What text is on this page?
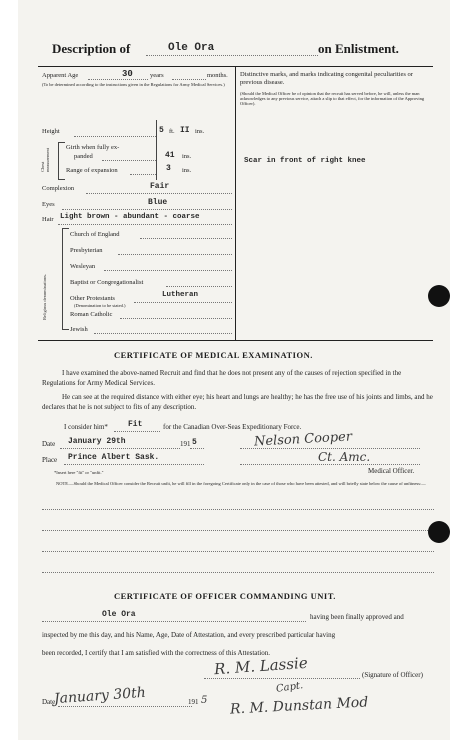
Description of	Ole Ora	on Enlistment.
Apparent Age	30	years	months.
(To be determined according to the instructions given in the Regulations for Army Medical Services.)
Distinctive marks, and marks indicating congenital peculiarities or previous disease.
(Should the Medical Officer be of opinion that the recruit has served before, he will, unless the man acknowledges to any previous service, attach a slip to that effect, for the information of the Approving Officer).
Scar in front of right knee
Height	5 ft. II ins.
Chest measurement
Girth when fully ex-
panded	41 ins.
Range of expansion	3 ins.
Complexion	Fair
Eyes	Blue
Hair Light brown - abundant - coarse
Religious denominations.
Church of England
Presbyterian
Wesleyan
Baptist or Congregationalist
Other Protestants	Lutheran
(Denomination to be stated.)
Roman Catholic
Jewish
CERTIFICATE OF MEDICAL EXAMINATION.
I have examined the above-named Recruit and find that he does not present any of the causes of rejection specified in the Regulations for Army Medical Services.
He can see at the required distance with either eye; his heart and lungs are healthy; he has the free use of his joints and limbs, and he declares that he is not subject to fits of any description.
I consider him*	Fit	for the Canadian Over-Seas Expeditionary Force.
Date January 29th	191 5	Nelson Cooper
Place Prince Albert Sask.	Ct. Amc.
Medical Officer.
*Insert here "fit" or "unfit."
NOTE.—Should the Medical Officer consider the Recruit unfit, he will fill in the foregoing Certificate only in the case of those who have been attested, and will briefly state below the cause of unfitness:—
CERTIFICATE OF OFFICER COMMANDING UNIT.
Ole Ora	having been finally approved and
inspected by me this day, and his Name, Age, Date of Attestation, and every prescribed particular having
been recorded, I certify that I am satisfied with the correctness of this Attestation.
R. M. Lassie	(Signature of Officer)
Capt.
Date
January 30th	191 5 R. M. Dunstan Mod
